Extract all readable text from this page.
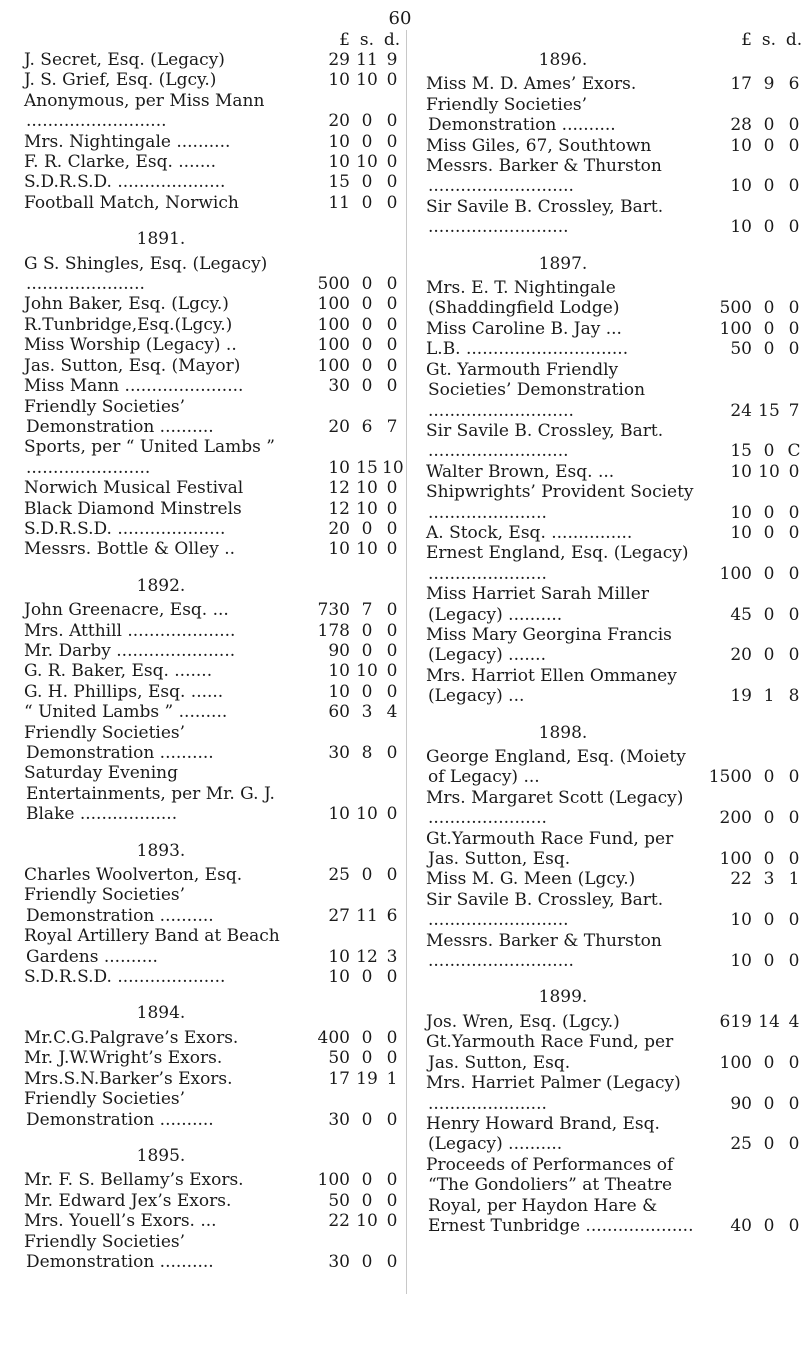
60
£ s. d.
J. Secret, Esq. (Legacy)	29 11 9
J. S. Grief, Esq. (Lgcy.)	10 10 0
Anonymous, per Miss Mann ..........................	20 0 0
Mrs. Nightingale ..........	10 0 0
F. R. Clarke, Esq. .......	10 10 0
S.D.R.S.D. ....................	15 0 0
Football Match, Norwich	11 0 0
1891.
G S. Shingles, Esq. (Legacy) ......................	500 0 0
John Baker, Esq. (Lgcy.)	100 0 0
R.Tunbridge,Esq.(Lgcy.)	100 0 0
Miss Worship (Legacy) ..	100 0 0
Jas. Sutton, Esq. (Mayor)	100 0 0
Miss Mann ......................	30 0 0
Friendly Societies’ Demonstration ..........	20 6 7
Sports, per “ United Lambs ” .......................	10 15 10
Norwich Musical Festival	12 10 0
Black Diamond Minstrels	12 10 0
S.D.R.S.D. ....................	20 0 0
Messrs. Bottle & Olley ..	10 10 0
1892.
John Greenacre, Esq. ...	730 7 0
Mrs. Atthill ....................	178 0 0
Mr. Darby ......................	90 0 0
G. R. Baker, Esq. .......	10 10 0
G. H. Phillips, Esq. ......	10 0 0
“ United Lambs ” .........	60 3 4
Friendly Societies’ Demonstration ..........	30 8 0
Saturday Evening Entertainments, per Mr. G. J. Blake ..................	10 10 0
1893.
Charles Woolverton, Esq.	25 0 0
Friendly Societies’ Demonstration ..........	27 11 6
Royal Artillery Band at Beach Gardens ..........	10 12 3
S.D.R.S.D. ....................	10 0 0
1894.
Mr.C.G.Palgrave’s Exors.	400 0 0
Mr. J.W.Wright’s Exors.	50 0 0
Mrs.S.N.Barker’s Exors.	17 19 1
Friendly Societies’ Demonstration ..........	30 0 0
1895.
Mr. F. S. Bellamy’s Exors.	100 0 0
Mr. Edward Jex’s Exors.	50 0 0
Mrs. Youell’s Exors. ...	22 10 0
Friendly Societies’ Demonstration ..........	30 0 0
£ s. d.
1896.
Miss M. D. Ames’ Exors.	17 9 6
Friendly Societies’ Demonstration ..........	28 0 0
Miss Giles, 67, Southtown	10 0 0
Messrs. Barker & Thurston ...........................	10 0 0
Sir Savile B. Crossley, Bart. ..........................	10 0 0
1897.
Mrs. E. T. Nightingale (Shaddingfield Lodge)	500 0 0
Miss Caroline B. Jay ...	100 0 0
L.B. ..............................	50 0 0
Gt. Yarmouth Friendly Societies’ Demonstration ...........................	24 15 7
Sir Savile B. Crossley, Bart. ..........................	15 0 C
Walter Brown, Esq. ...	10 10 0
Shipwrights’ Provident Society ......................	10 0 0
A. Stock, Esq. ...............	10 0 0
Ernest England, Esq. (Legacy) ......................	100 0 0
Miss Harriet Sarah Miller (Legacy) ..........	45 0 0
Miss Mary Georgina Francis (Legacy) .......	20 0 0
Mrs. Harriot Ellen Ommaney (Legacy) ...	19 1 8
1898.
George England, Esq. (Moiety of Legacy) ...	1500 0 0
Mrs. Margaret Scott (Legacy) ......................	200 0 0
Gt.Yarmouth Race Fund, per Jas. Sutton, Esq.	100 0 0
Miss M. G. Meen (Lgcy.)	22 3 1
Sir Savile B. Crossley, Bart. ..........................	10 0 0
Messrs. Barker & Thurston ...........................	10 0 0
1899.
Jos. Wren, Esq. (Lgcy.)	619 14 4
Gt.Yarmouth Race Fund, per Jas. Sutton, Esq.	100 0 0
Mrs. Harriet Palmer (Legacy) ......................	90 0 0
Henry Howard Brand, Esq. (Legacy) ..........	25 0 0
Proceeds of Performances of “The Gondoliers” at Theatre Royal, per Haydon Hare & Ernest Tunbridge ....................	40 0 0
